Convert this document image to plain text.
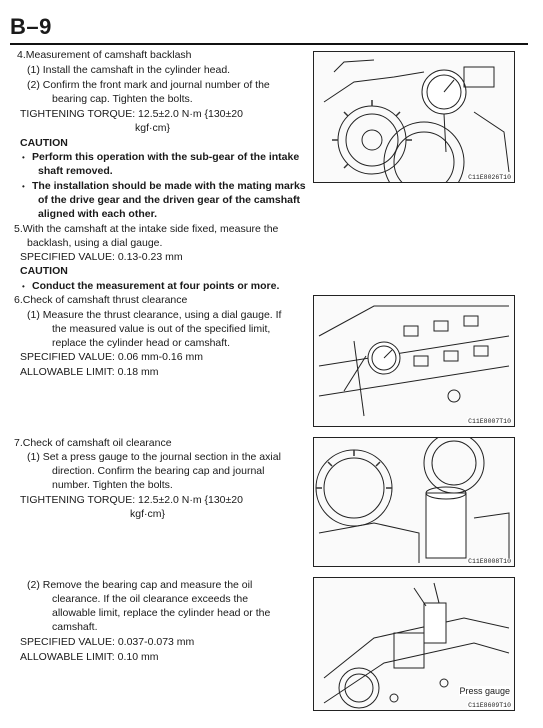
B–9
4.Measurement of camshaft backlash
(1) Install the camshaft in the cylinder head.
(2) Confirm the front mark and journal number of the
bearing cap. Tighten the bolts.
TIGHTENING TORQUE: 12.5±2.0 N·m {130±20
kgf·cm}
CAUTION
• Perform this operation with the sub-gear of the intake
shaft removed.
• The installation should be made with the mating marks
of the drive gear and the driven gear of the camshaft
aligned with each other.
5.With the camshaft at the intake side fixed, measure the
backlash, using a dial gauge.
SPECIFIED VALUE: 0.13-0.23 mm
CAUTION
• Conduct the measurement at four points or more.
6.Check of camshaft thrust clearance
(1) Measure the thrust clearance, using a dial gauge. If
the measured value is out of the specified limit,
replace the cylinder head or camshaft.
SPECIFIED VALUE: 0.06 mm-0.16 mm
ALLOWABLE LIMIT: 0.18 mm
7.Check of camshaft oil clearance
(1) Set a press gauge to the journal section in the axial
direction. Confirm the bearing cap and journal
number. Tighten the bolts.
TIGHTENING TORQUE: 12.5±2.0 N·m {130±20
kgf·cm}
(2) Remove the bearing cap and measure the oil
clearance. If the oil clearance exceeds the
allowable limit, replace the cylinder head or the
camshaft.
SPECIFIED VALUE: 0.037-0.073 mm
ALLOWABLE LIMIT: 0.10 mm
C11E8026T10
C11E8007T10
C11E8008T10
Press gauge
C11E8609T10
